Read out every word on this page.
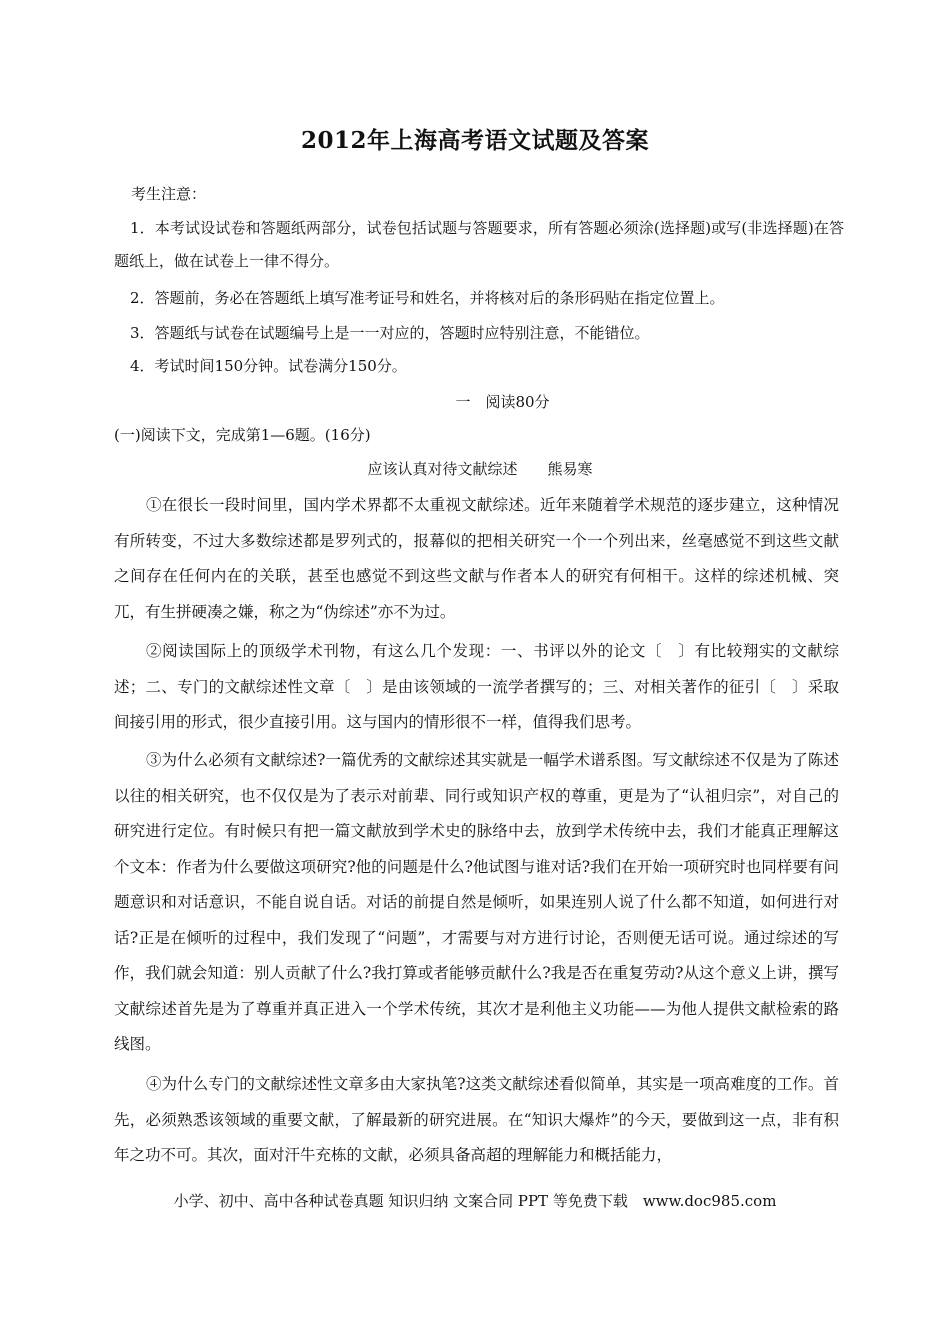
2012年上海高考语文试题及答案
考生注意：
1．本考试设试卷和答题纸两部分，试卷包括试题与答题要求，所有答题必须涂(选择题)或写(非选择题)在答题纸上，做在试卷上一律不得分。
2．答题前，务必在答题纸上填写准考证号和姓名，并将核对后的条形码贴在指定位置上。
3．答题纸与试卷在试题编号上是一一对应的，答题时应特别注意，不能错位。
4．考试时间150分钟。试卷满分150分。
一　阅读80分
(一)阅读下文，完成第1—6题。(16分)
应该认真对待文献综述　　熊易寒
①在很长一段时间里，国内学术界都不太重视文献综述。近年来随着学术规范的逐步建立，这种情况有所转变，不过大多数综述都是罗列式的，报幕似的把相关研究一个一个列出来，丝毫感觉不到这些文献之间存在任何内在的关联，甚至也感觉不到这些文献与作者本人的研究有何相干。这样的综述机械、突兀，有生拼硬凑之嫌，称之为“伪综述”亦不为过。
②阅读国际上的顶级学术刊物，有这么几个发现：一、书评以外的论文〔　〕有比较翔实的文献综述；二、专门的文献综述性文章〔　〕是由该领域的一流学者撰写的；三、对相关著作的征引〔　〕采取间接引用的形式，很少直接引用。这与国内的情形很不一样，值得我们思考。
③为什么必须有文献综述?一篇优秀的文献综述其实就是一幅学术谱系图。写文献综述不仅是为了陈述以往的相关研究，也不仅仅是为了表示对前辈、同行或知识产权的尊重，更是为了“认祖归宗”，对自己的研究进行定位。有时候只有把一篇文献放到学术史的脉络中去，放到学术传统中去，我们才能真正理解这个文本：作者为什么要做这项研究?他的问题是什么?他试图与谁对话?我们在开始一项研究时也同样要有问题意识和对话意识，不能自说自话。对话的前提自然是倾听，如果连别人说了什么都不知道，如何进行对话?正是在倾听的过程中，我们发现了“问题”，才需要与对方进行讨论，否则便无话可说。通过综述的写作，我们就会知道：别人贡献了什么?我打算或者能够贡献什么?我是否在重复劳动?从这个意义上讲，撰写文献综述首先是为了尊重并真正进入一个学术传统，其次才是利他主义功能——为他人提供文献检索的路线图。
④为什么专门的文献综述性文章多由大家执笔?这类文献综述看似简单，其实是一项高难度的工作。首先，必须熟悉该领域的重要文献，了解最新的研究进展。在“知识大爆炸”的今天，要做到这一点，非有积年之功不可。其次，面对汗牛充栋的文献，必须具备高超的理解能力和概括能力，
小学、初中、高中各种试卷真题 知识归纳 文案合同 PPT 等免费下载　www.doc985.com
